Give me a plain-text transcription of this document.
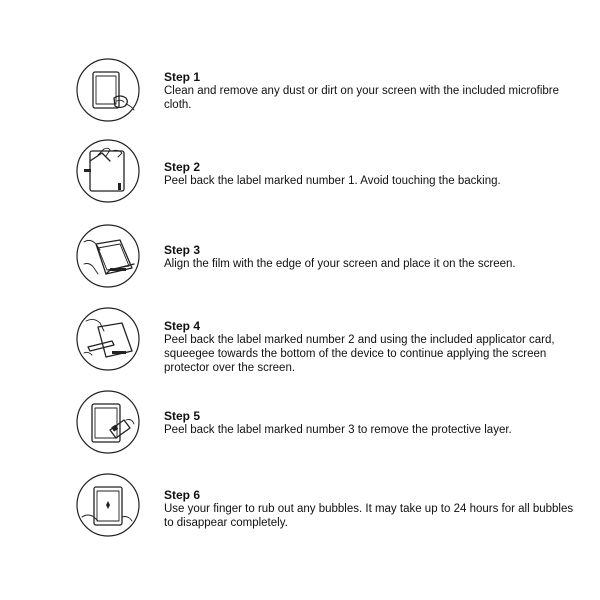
Step 1

Clean and remove any dust or dirt on your screen with the included microfibre cloth.

Step 2

Peel back the label marked number 1. Avoid touching the backing.

Step 3

Align the film with the edge of your screen and place it on the screen.

Step 4

Peel back the label marked number 2 and using the included applicator card, squeegee towards the bottom of the device to continue applying the screen protector over the screen.

Step 5

Peel back the label marked number 3 to remove the protective layer.

Step 6

Use your finger to rub out any bubbles. It may take up to 24 hours for all bubbles to disappear completely.
